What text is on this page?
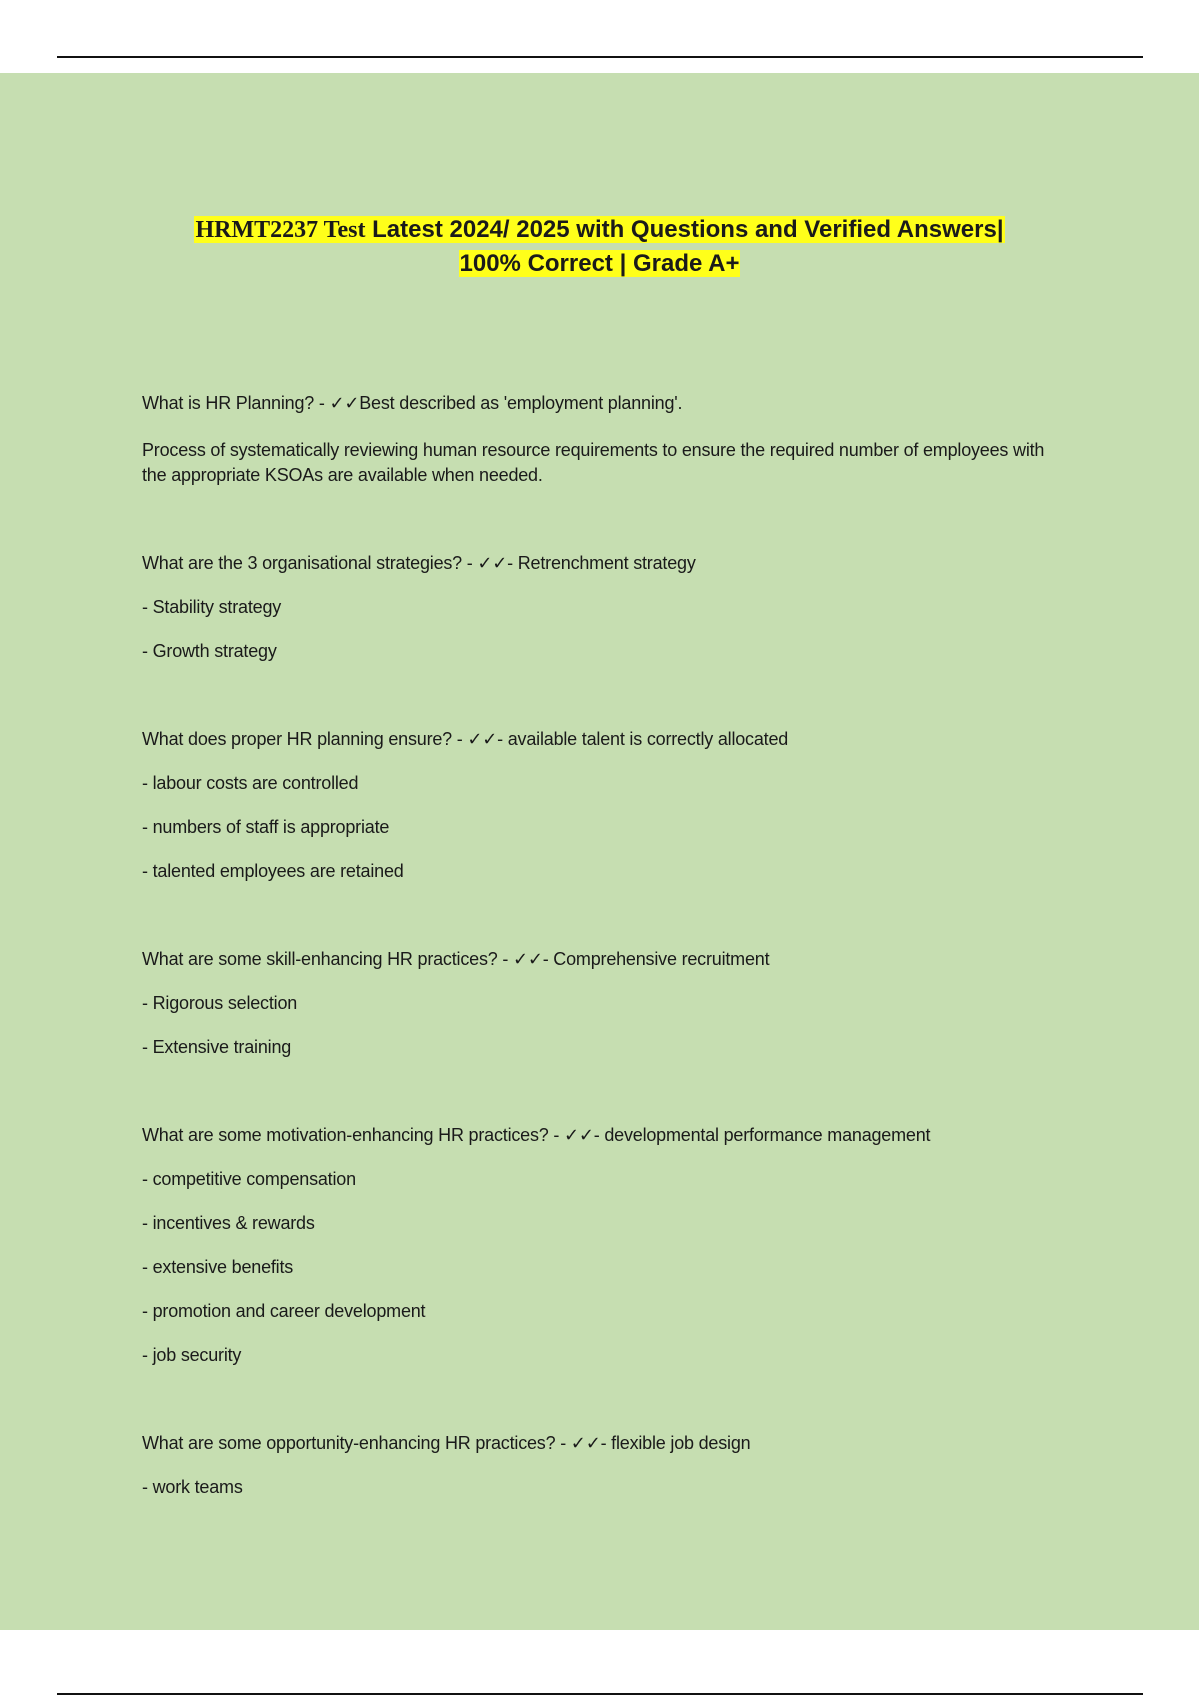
HRMT2237 Test Latest 2024/ 2025 with Questions and Verified Answers|
100% Correct | Grade A+

What is HR Planning? - ✓✓Best described as 'employment planning'.

Process of systematically reviewing human resource requirements to ensure the required number of employees with the appropriate KSOAs are available when needed.

What are the 3 organisational strategies? - ✓✓- Retrenchment strategy

- Stability strategy

- Growth strategy

What does proper HR planning ensure? - ✓✓- available talent is correctly allocated

- labour costs are controlled

- numbers of staff is appropriate

- talented employees are retained

What are some skill-enhancing HR practices? - ✓✓- Comprehensive recruitment

- Rigorous selection

- Extensive training

What are some motivation-enhancing HR practices? - ✓✓- developmental performance management

- competitive compensation

- incentives & rewards

- extensive benefits

- promotion and career development

- job security

What are some opportunity-enhancing HR practices? - ✓✓- flexible job design

- work teams
